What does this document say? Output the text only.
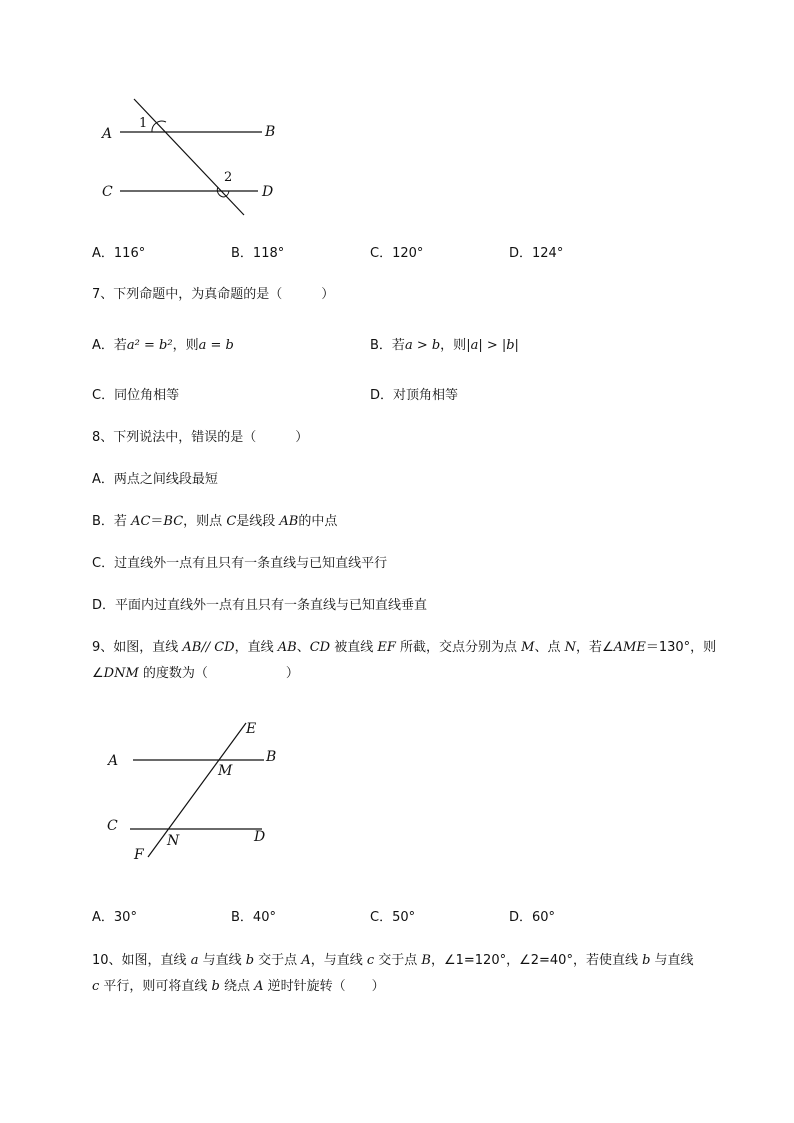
A	B
C	D
1
2
A．116°	B．118°	C．120°	D．124°
7、下列命题中，为真命题的是（　　　）
A．若a² = b²，则a = b	B．若a > b，则|a| > |b|
C．同位角相等	D．对顶角相等
8、下列说法中，错误的是（　　　）
A．两点之间线段最短
B．若 AC＝BC，则点 C是线段 AB的中点
C．过直线外一点有且只有一条直线与已知直线平行
D．平面内过直线外一点有且只有一条直线与已知直线垂直
9、如图，直线 AB// CD，直线 AB、CD 被直线 EF 所截，交点分别为点 M、点 N，若∠AME＝130°，则
∠DNM 的度数为（　　　　　　）
E
A	B
M
C
N	D
F
A．30°	B．40°	C．50°	D．60°
10、如图，直线 a 与直线 b 交于点 A，与直线 c 交于点 B，∠1=120°，∠2=40°，若使直线 b 与直线
c 平行，则可将直线 b 绕点 A 逆时针旋转（　　）
